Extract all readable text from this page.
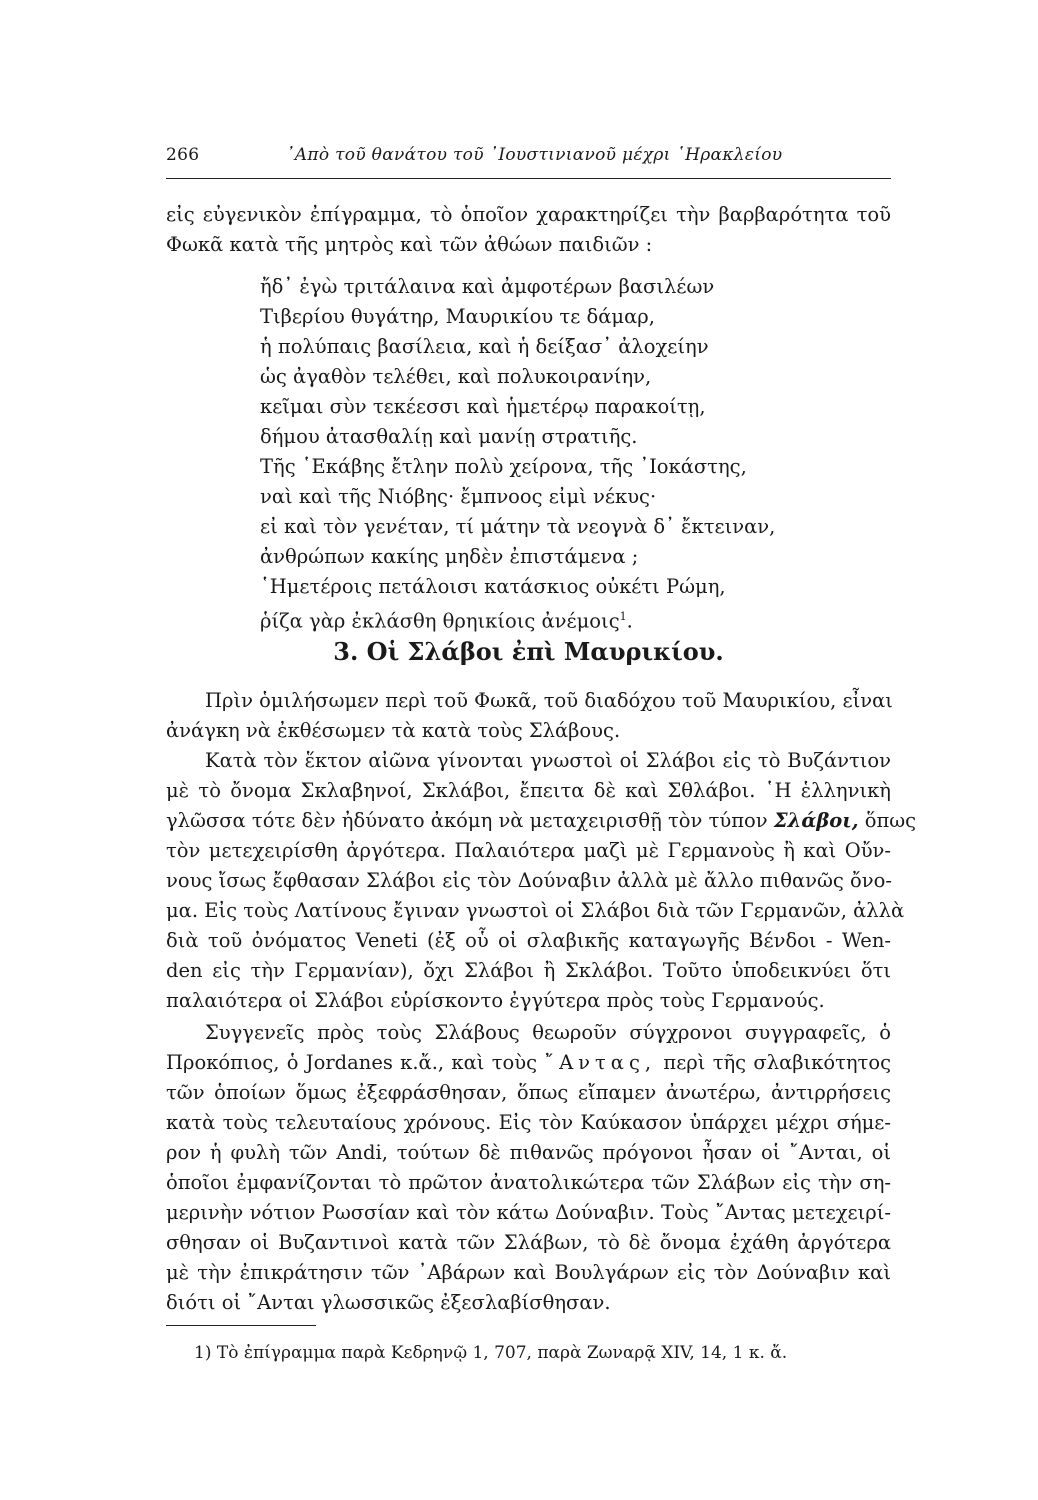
266	᾿Απὸ τοῦ θανάτου τοῦ ᾿Ιουστινιανοῦ μέχρι ῾Ηρακλείου
εἰς εὐγενικὸν ἐπίγραμμα, τὸ ὁποῖον χαρακτηρίζει τὴν βαρβαρότητα τοῦ
Φωκᾶ κατὰ τῆς μητρὸς καὶ τῶν ἀθώων παιδιῶν :
ἤδ᾽ ἐγὼ τριτάλαινα καὶ ἀμφοτέρων βασιλέων
Τιβερίου θυγάτηρ, Μαυρικίου τε δάμαρ,
ἡ πολύπαις βασίλεια, καὶ ἡ δείξασ᾽ ἀλοχείην
ὡς ἀγαθὸν τελέθει, καὶ πολυκοιρανίην,
κεῖμαι σὺν τεκέεσσι καὶ ἡμετέρῳ παρακοίτῃ,
δήμου ἀτασθαλίῃ καὶ μανίῃ στρατιῆς.
Τῆς ῾Εκάβης ἔτλην πολὺ χείρονα, τῆς ᾿Ιοκάστης,
ναὶ καὶ τῆς Νιόβης· ἔμπνοος εἰμὶ νέκυς·
εἰ καὶ τὸν γενέταν, τί μάτην τὰ νεογνὰ δ᾽ ἔκτειναν,
ἀνθρώπων κακίης μηδὲν ἐπιστάμενα ;
῾Ημετέροις πετάλοισι κατάσκιος οὐκέτι Ρώμη,
ῥίζα γὰρ ἐκλάσθη θρηικίοις ἀνέμοις$^1$.
3. Οἱ Σλάβοι ἐπὶ Μαυρικίου.
Πρὶν ὁμιλήσωμεν περὶ τοῦ Φωκᾶ, τοῦ διαδόχου τοῦ Μαυρικίου, εἶναι
ἀνάγκη νὰ ἐκθέσωμεν τὰ κατὰ τοὺς Σλάβους.
Κατὰ τὸν ἕκτον αἰῶνα γίνονται γνωστοὶ οἱ Σλάβοι εἰς τὸ Βυζάντιον
μὲ τὸ ὄνομα Σκλαβηνοί, Σκλάβοι, ἔπειτα δὲ καὶ Σθλάβοι. ῾Η ἑλληνικὴ
γλῶσσα τότε δὲν ἠδύνατο ἀκόμη νὰ μεταχειρισθῇ τὸν τύπον Σλάβοι, ὅπως
τὸν μετεχειρίσθη ἀργότερα. Παλαιότερα μαζὶ μὲ Γερμανοὺς ἢ καὶ Οὔν-
νους ἴσως ἔφθασαν Σλάβοι εἰς τὸν Δούναβιν ἀλλὰ μὲ ἄλλο πιθανῶς ὄνο-
μα. Εἰς τοὺς Λατίνους ἔγιναν γνωστοὶ οἱ Σλάβοι διὰ τῶν Γερμανῶν, ἀλλὰ
διὰ τοῦ ὀνόματος Veneti (ἐξ οὗ οἱ σλαβικῆς καταγωγῆς Βένδοι - Wen-
den εἰς τὴν Γερμανίαν), ὄχι Σλάβοι ἢ Σκλάβοι. Τοῦτο ὑποδεικνύει ὅτι
παλαιότερα οἱ Σλάβοι εὑρίσκοντο ἐγγύτερα πρὸς τοὺς Γερμανούς.
Συγγενεῖς πρὸς τοὺς Σλάβους θεωροῦν σύγχρονοι συγγραφεῖς, ὁ
Προκόπιος, ὁ Jordanes κ.ἄ., καὶ τοὺς ῎Αντας, περὶ τῆς σλαβικότητος
τῶν ὁποίων ὅμως ἐξεφράσθησαν, ὅπως εἴπαμεν ἀνωτέρω, ἀντιρρήσεις
κατὰ τοὺς τελευταίους χρόνους. Εἰς τὸν Καύκασον ὑπάρχει μέχρι σήμε-
ρον ἡ φυλὴ τῶν Andi, τούτων δὲ πιθανῶς πρόγονοι ἦσαν οἱ ῎Ανται, οἱ
ὁποῖοι ἐμφανίζονται τὸ πρῶτον ἀνατολικώτερα τῶν Σλάβων εἰς τὴν ση-
μερινὴν νότιον Ρωσσίαν καὶ τὸν κάτω Δούναβιν. Τοὺς ῎Αντας μετεχειρί-
σθησαν οἱ Βυζαντινοὶ κατὰ τῶν Σλάβων, τὸ δὲ ὄνομα ἐχάθη ἀργότερα
μὲ τὴν ἐπικράτησιν τῶν ᾿Αβάρων καὶ Βουλγάρων εἰς τὸν Δούναβιν καὶ
διότι οἱ ῎Ανται γλωσσικῶς ἐξεσλαβίσθησαν.
1) Τὸ ἐπίγραμμα παρὰ Κεδρηνῷ 1, 707, παρὰ Ζωναρᾷ XIV, 14, 1 κ. ἄ.
